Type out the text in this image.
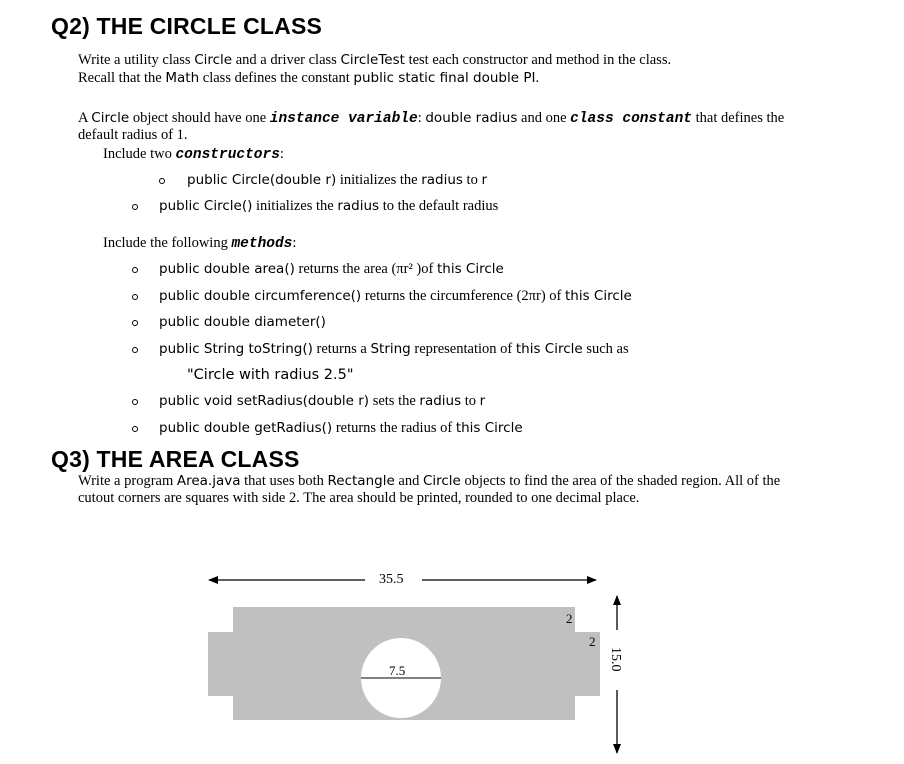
Q2) THE CIRCLE CLASS
Write a utility class Circle and a driver class CircleTest test each constructor and method in the class.
Recall that the Math class defines the constant public static final double PI.
A Circle object should have one instance variable: double radius and one class constant that defines the
default radius of 1.
Include two constructors:
public Circle(double r) initializes the radius to r
public Circle() initializes the radius to the default radius
Include the following methods:
public double area() returns the area (πr² )of this Circle
public double circumference() returns the circumference (2πr) of this Circle
public double diameter()
public String toString() returns a String representation of this Circle such as
"Circle with radius 2.5"
public void setRadius(double r) sets the radius to r
public double getRadius() returns the radius of this Circle
Q3) THE AREA CLASS
Write a program Area.java that uses both Rectangle and Circle objects to find the area of the shaded region. All of the
cutout corners are squares with side 2. The area should be printed, rounded to one decimal place.
35.5
7.5
2
2
15.0
